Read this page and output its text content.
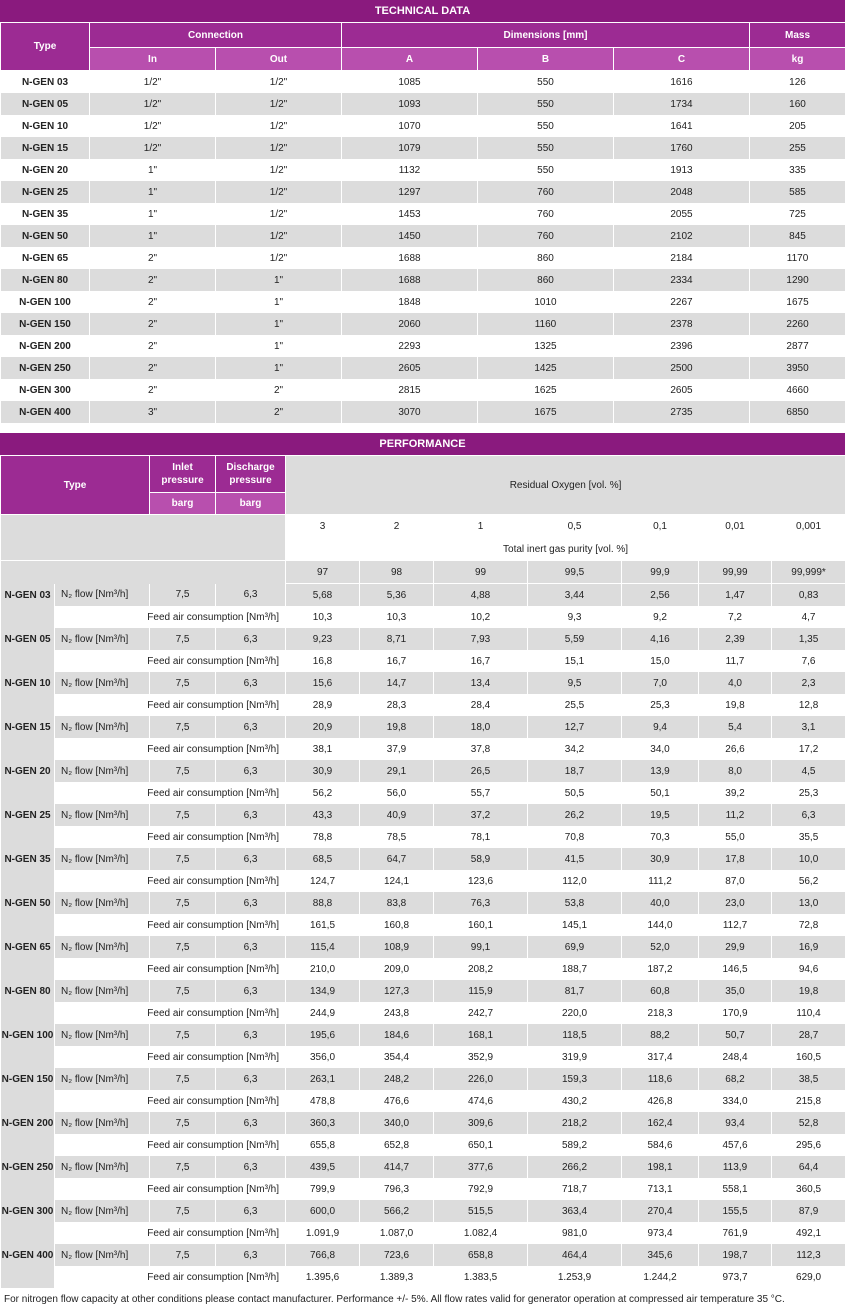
TECHNICAL DATA
Type	Connection		Dimensions [mm]			Mass
	In	Out	A	B	C	kg
N-GEN 03	1/2"	1/2"	1085	550	1616	126
N-GEN 05	1/2"	1/2"	1093	550	1734	160
N-GEN 10	1/2"	1/2"	1070	550	1641	205
N-GEN 15	1/2"	1/2"	1079	550	1760	255
N-GEN 20	1"	1/2"	1132	550	1913	335
N-GEN 25	1"	1/2"	1297	760	2048	585
N-GEN 35	1"	1/2"	1453	760	2055	725
N-GEN 50	1"	1/2"	1450	760	2102	845
N-GEN 65	2"	1/2"	1688	860	2184	1170
N-GEN 80	2"	1"	1688	860	2334	1290
N-GEN 100	2"	1"	1848	1010	2267	1675
N-GEN 150	2"	1"	2060	1160	2378	2260
N-GEN 200	2"	1"	2293	1325	2396	2877
N-GEN 250	2"	1"	2605	1425	2500	3950
N-GEN 300	2"	2"	2815	1625	2605	4660
N-GEN 400	3"	2"	3070	1675	2735	6850
PERFORMANCE
Type		Inlet pressure	Discharge pressure	Residual Oxygen [vol. %]						
		barg	barg							
				3	2	1	0,5	0,1	0,01	0,001
				Total inert gas purity [vol. %]						
				97	98	99	99,5	99,9	99,99	99,999*
N-GEN 03	N₂ flow [Nm³/h]	7,5	6,3	5,68	5,36	4,88	3,44	2,56	1,47	0,83
	Feed air consumption [Nm³/h]			10,3	10,3	10,2	9,3	9,2	7,2	4,7
N-GEN 05	N₂ flow [Nm³/h]	7,5	6,3	9,23	8,71	7,93	5,59	4,16	2,39	1,35
	Feed air consumption [Nm³/h]			16,8	16,7	16,7	15,1	15,0	11,7	7,6
N-GEN 10	N₂ flow [Nm³/h]	7,5	6,3	15,6	14,7	13,4	9,5	7,0	4,0	2,3
	Feed air consumption [Nm³/h]			28,9	28,3	28,4	25,5	25,3	19,8	12,8
N-GEN 15	N₂ flow [Nm³/h]	7,5	6,3	20,9	19,8	18,0	12,7	9,4	5,4	3,1
	Feed air consumption [Nm³/h]			38,1	37,9	37,8	34,2	34,0	26,6	17,2
N-GEN 20	N₂ flow [Nm³/h]	7,5	6,3	30,9	29,1	26,5	18,7	13,9	8,0	4,5
	Feed air consumption [Nm³/h]			56,2	56,0	55,7	50,5	50,1	39,2	25,3
N-GEN 25	N₂ flow [Nm³/h]	7,5	6,3	43,3	40,9	37,2	26,2	19,5	11,2	6,3
	Feed air consumption [Nm³/h]			78,8	78,5	78,1	70,8	70,3	55,0	35,5
N-GEN 35	N₂ flow [Nm³/h]	7,5	6,3	68,5	64,7	58,9	41,5	30,9	17,8	10,0
	Feed air consumption [Nm³/h]			124,7	124,1	123,6	112,0	111,2	87,0	56,2
N-GEN 50	N₂ flow [Nm³/h]	7,5	6,3	88,8	83,8	76,3	53,8	40,0	23,0	13,0
	Feed air consumption [Nm³/h]			161,5	160,8	160,1	145,1	144,0	112,7	72,8
N-GEN 65	N₂ flow [Nm³/h]	7,5	6,3	115,4	108,9	99,1	69,9	52,0	29,9	16,9
	Feed air consumption [Nm³/h]			210,0	209,0	208,2	188,7	187,2	146,5	94,6
N-GEN 80	N₂ flow [Nm³/h]	7,5	6,3	134,9	127,3	115,9	81,7	60,8	35,0	19,8
	Feed air consumption [Nm³/h]			244,9	243,8	242,7	220,0	218,3	170,9	110,4
N-GEN 100	N₂ flow [Nm³/h]	7,5	6,3	195,6	184,6	168,1	118,5	88,2	50,7	28,7
	Feed air consumption [Nm³/h]			356,0	354,4	352,9	319,9	317,4	248,4	160,5
N-GEN 150	N₂ flow [Nm³/h]	7,5	6,3	263,1	248,2	226,0	159,3	118,6	68,2	38,5
	Feed air consumption [Nm³/h]			478,8	476,6	474,6	430,2	426,8	334,0	215,8
N-GEN 200	N₂ flow [Nm³/h]	7,5	6,3	360,3	340,0	309,6	218,2	162,4	93,4	52,8
	Feed air consumption [Nm³/h]			655,8	652,8	650,1	589,2	584,6	457,6	295,6
N-GEN 250	N₂ flow [Nm³/h]	7,5	6,3	439,5	414,7	377,6	266,2	198,1	113,9	64,4
	Feed air consumption [Nm³/h]			799,9	796,3	792,9	718,7	713,1	558,1	360,5
N-GEN 300	N₂ flow [Nm³/h]	7,5	6,3	600,0	566,2	515,5	363,4	270,4	155,5	87,9
	Feed air consumption [Nm³/h]			1.091,9	1.087,0	1.082,4	981,0	973,4	761,9	492,1
N-GEN 400	N₂ flow [Nm³/h]	7,5	6,3	766,8	723,6	658,8	464,4	345,6	198,7	112,3
	Feed air consumption [Nm³/h]			1.395,6	1.389,3	1.383,5	1.253,9	1.244,2	973,7	629,0
For nitrogen flow capacity at other conditions please contact manufacturer. Performance +/- 5%. All flow rates valid for generator operation at compressed air temperature 35 °C.
